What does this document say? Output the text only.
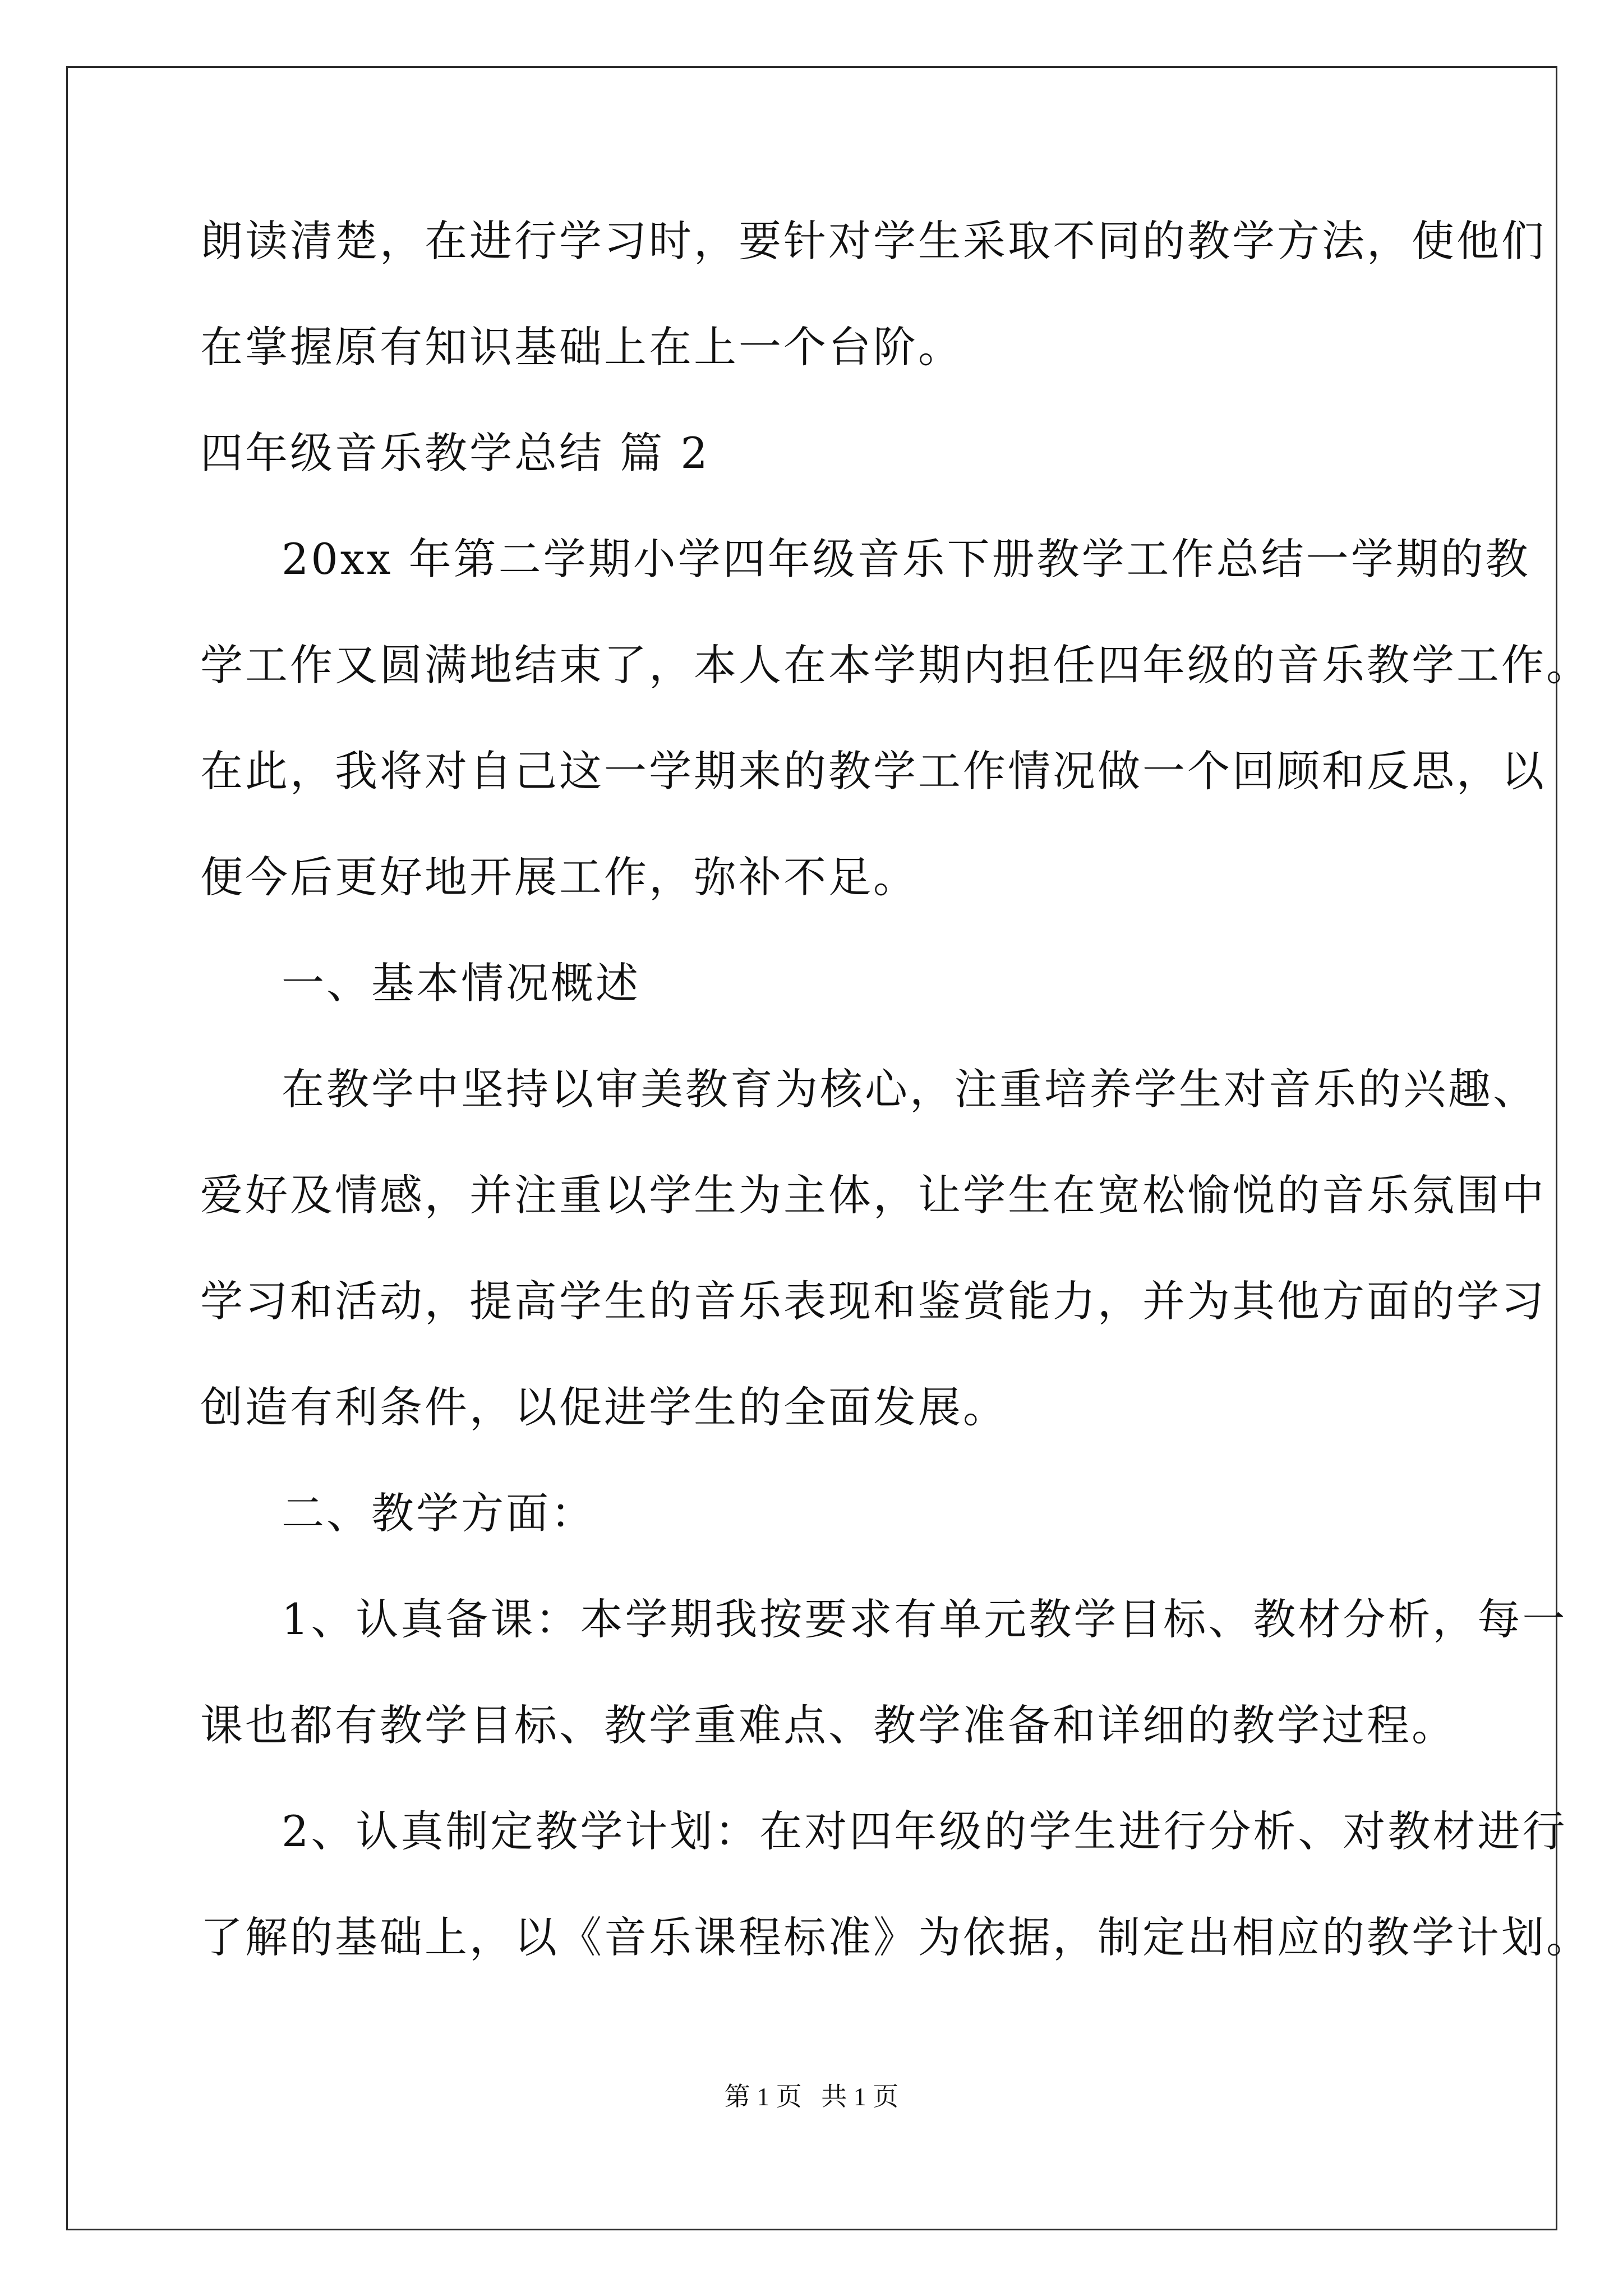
朗读清楚，在进行学习时，要针对学生采取不同的教学方法，使他们
在掌握原有知识基础上在上一个台阶。
四年级音乐教学总结 篇 2
20xx 年第二学期小学四年级音乐下册教学工作总结一学期的教
学工作又圆满地结束了，本人在本学期内担任四年级的音乐教学工作。
在此，我将对自己这一学期来的教学工作情况做一个回顾和反思，以
便今后更好地开展工作，弥补不足。
一、基本情况概述
在教学中坚持以审美教育为核心，注重培养学生对音乐的兴趣、
爱好及情感，并注重以学生为主体，让学生在宽松愉悦的音乐氛围中
学习和活动，提高学生的音乐表现和鉴赏能力，并为其他方面的学习
创造有利条件，以促进学生的全面发展。
二、教学方面：
1、认真备课：本学期我按要求有单元教学目标、教材分析，每一
课也都有教学目标、教学重难点、教学准备和详细的教学过程。
2、认真制定教学计划：在对四年级的学生进行分析、对教材进行
了解的基础上，以《音乐课程标准》为依据，制定出相应的教学计划。
第 1 页   共 1 页
